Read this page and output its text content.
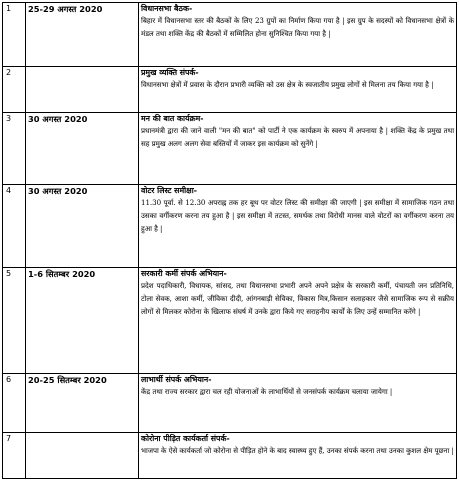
1	25-29 अगस्त 2020	विधानसभा बैठक-
बिहार में विधानसभा स्तर की बैठकों के लिए 23 ग्रुपों का निर्माण किया गया है | इस ग्रुप के सदस्यों को विधानसभा क्षेत्रों के मंडल तथा शक्ति केंद्र की बैठकों में सम्मिलित होना सुनिश्चित किया गया है |

2		प्रमुख व्यक्ति संपर्क-
विधानसभा क्षेत्रों में प्रवास के दौरान प्रभारी व्यक्ति को उस क्षेत्र के स्वजातीय प्रमुख लोगों से मिलना तय किया गया है |

3	30 अगस्त 2020	मन की बात कार्यक्रम-
प्रधानमंत्री द्वारा की जाने वाली "मन की बात" को पार्टी ने एक कार्यक्रम के स्वरुप में अपनाया है | शक्ति केंद्र के प्रमुख तथा सह प्रमुख अलग अलग सेवा बस्तियों में जाकर इस कार्यक्रम को सुनेंगे |

4	30 अगस्त 2020	वोटर लिस्ट समीक्षा-
11.30 पूर्वा. से 12.30 अपराह्न तक हर बूथ पर वोटर लिस्ट की समीक्षा की जाएगी | इस समीक्षा में सामाजिक गठन तथा उसका वर्गीकरण करना तय हुआ है | इस समीक्षा में तटस्त, समर्थक तथा विरोधी मानस वाले वोटरों का वर्गीकरण करना तय हुआ है |

5	1-6 सितम्बर 2020	सरकारी कर्मी संपर्क अभियान-
प्रदेश पदाधिकारी, विधायक, सांसद, तथा विधानसभा प्रभारी अपने अपने प्रक्षेत्र के सरकारी कर्मी, पंचायती जन प्रतिनिधि, टोला सेवक, आशा कर्मी, जीविका दीदी, आंगनबाड़ी सेविका, विकास मित्र,किसान सलाहकार जैसे सामाजिक रूप से सक्रीय लोगों से मिलकर कोरोना के खिलाफ संघर्ष में उनके द्वारा किये गए सराहनीय कार्यों के लिए उन्हें सम्मानित करेंगे |

6	20-25 सितम्बर 2020	लाभार्थी संपर्क अभियान-
केंद्र तथा राज्य सरकार द्वारा चल रही योजनाओं के लाभार्थियों से जनसंपर्क कार्यक्रम चलाया जायेगा |

7		कोरोना पीड़ित कार्यकर्ता संपर्क-
भाजपा के ऐसे कार्यकर्ता जो कोरोना से पीड़ित होने के बाद स्वास्थ्य हुए हैं, उनका संपर्क करना तथा उनका कुशल क्षेम पूछना |
